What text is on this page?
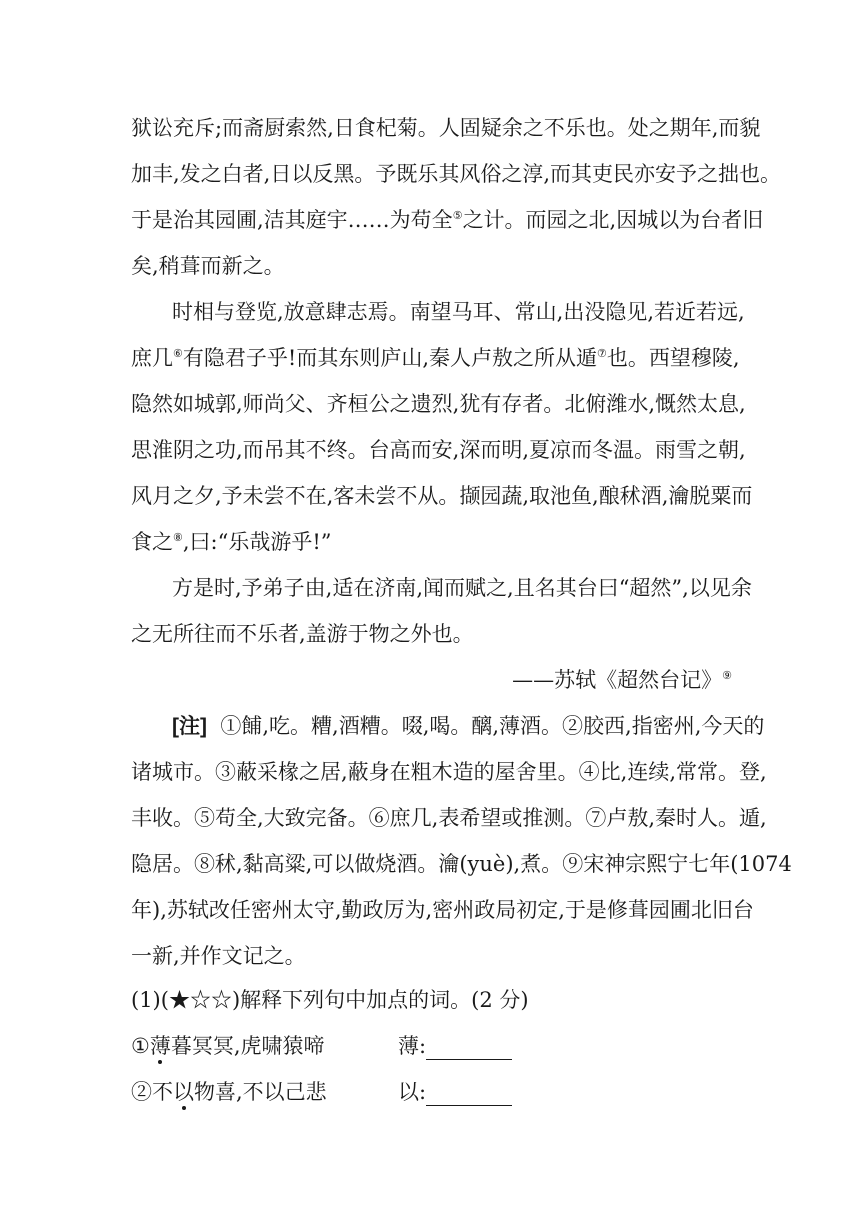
狱讼充斥;而斋厨索然,日食杞菊。人固疑余之不乐也。处之期年,而貌
加丰,发之白者,日以反黑。予既乐其风俗之淳,而其吏民亦安予之拙也。
于是治其园圃,洁其庭宇……为苟全⑤之计。而园之北,因城以为台者旧
矣,稍葺而新之。
时相与登览,放意肆志焉。南望马耳、常山,出没隐见,若近若远,
庶几⑥有隐君子乎!而其东则庐山,秦人卢敖之所从遁⑦也。西望穆陵,
隐然如城郭,师尚父、齐桓公之遗烈,犹有存者。北俯潍水,慨然太息,
思淮阴之功,而吊其不终。台高而安,深而明,夏凉而冬温。雨雪之朝,
风月之夕,予未尝不在,客未尝不从。撷园蔬,取池鱼,酿秫酒,瀹脱粟而
食之⑧,曰:“乐哉游乎!”
方是时,予弟子由,适在济南,闻而赋之,且名其台曰“超然”,以见余
之无所往而不乐者,盖游于物之外也。
——苏轼《超然台记》⑨
[注] ①餔,吃。糟,酒糟。啜,喝。醨,薄酒。②胶西,指密州,今天的
诸城市。③蔽采椽之居,蔽身在粗木造的屋舍里。④比,连续,常常。登,
丰收。⑤苟全,大致完备。⑥庶几,表希望或推测。⑦卢敖,秦时人。遁,
隐居。⑧秫,黏高粱,可以做烧酒。瀹(yuè),煮。⑨宋神宗熙宁七年(1074
年),苏轼改任密州太守,勤政厉为,密州政局初定,于是修葺园圃北旧台
一新,并作文记之。
(1)(★☆☆)解释下列句中加点的词。(2 分)
①薄暮冥冥,虎啸猿啼	薄:
②不以物喜,不以己悲	以:
